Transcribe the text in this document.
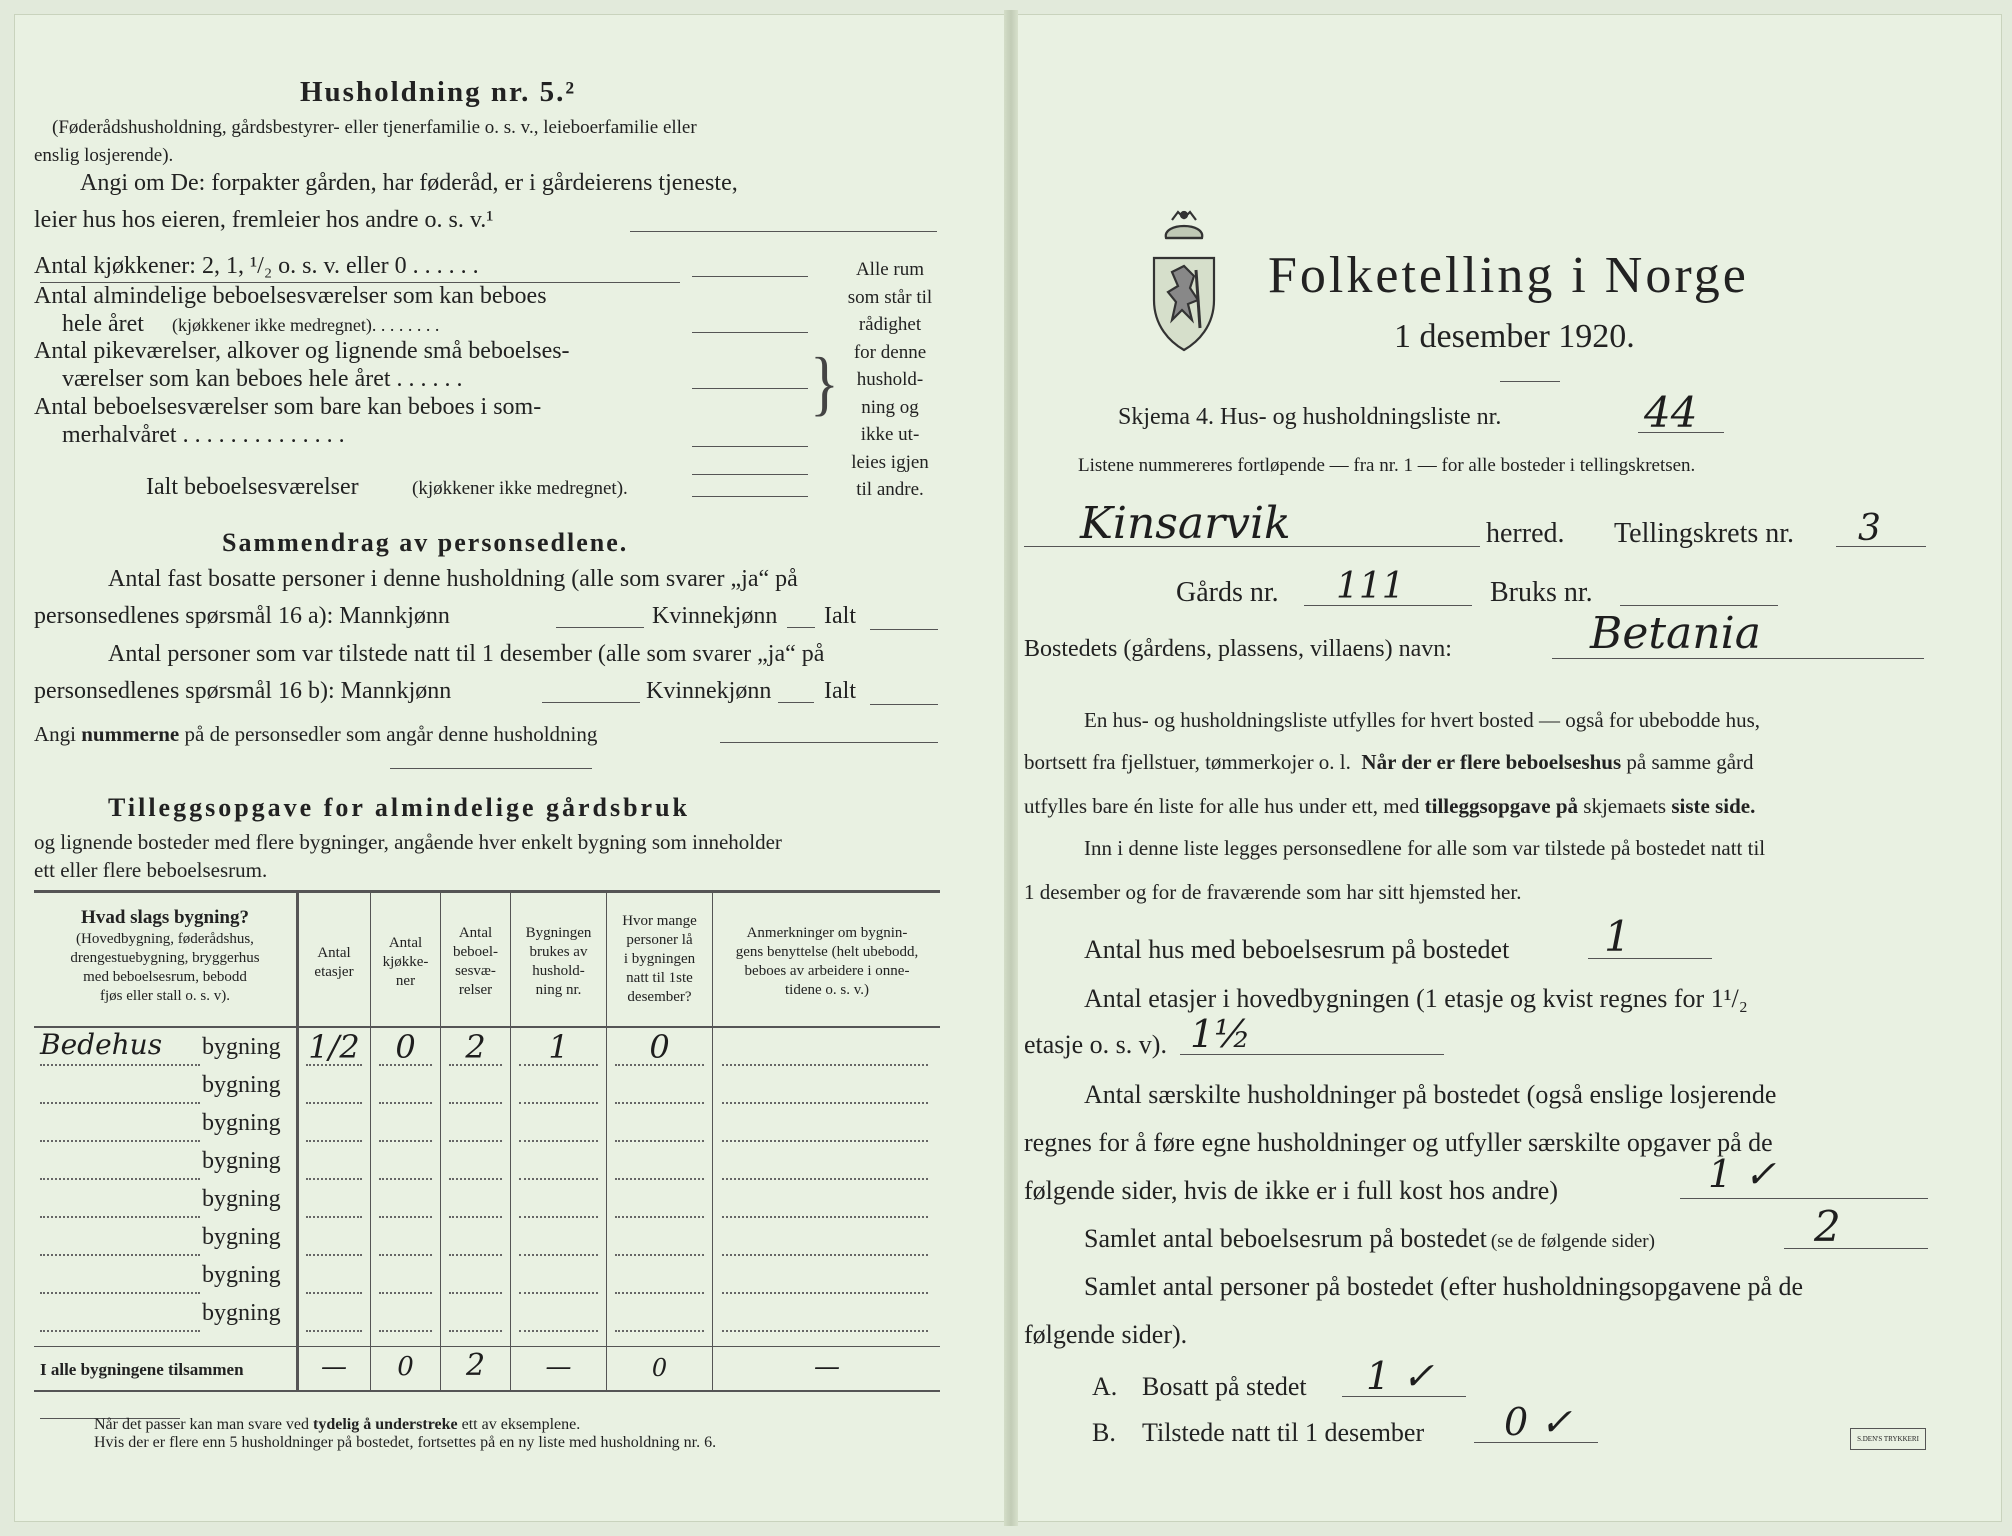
Husholdning nr. 5.²
(Føderådshusholdning, gårdsbestyrer- eller tjenerfamilie o. s. v., leieboerfamilie eller
enslig losjerende).
Angi om De: forpakter gården, har føderåd, er i gårdeierens tjeneste,
leier hus hos eieren, fremleier hos andre o. s. v.¹
Antal kjøkkener: 2, 1, ¹/₂ o. s. v. eller 0 . . . . . .
Antal almindelige beboelsesværelser som kan beboes
hele året (kjøkkener ikke medregnet). . . . . . . .
Antal pikeværelser, alkover og lignende små beboelses-
værelser som kan beboes hele året . . . . . .
Antal beboelsesværelser som bare kan beboes i som-
merhalvåret . . . . . . . . . . . . . .
Ialt beboelsesværelser	(kjøkkener ikke medregnet).
}
Alle rum
som står til
rådighet
for denne
hushold-
ning og
ikke ut-
leies igjen
til andre.
Sammendrag av personsedlene.
Antal fast bosatte personer i denne husholdning (alle som svarer „ja“ på
personsedlenes spørsmål 16 a): Mannkjønn	Kvinnekjønn Ialt
Antal personer som var tilstede natt til 1 desember (alle som svarer „ja“ på
personsedlenes spørsmål 16 b): Mannkjønn	Kvinnekjønn Ialt
Angi nummerne på de personsedler som angår denne husholdning
Tilleggsopgave for almindelige gårdsbruk
og lignende bosteder med flere bygninger, angående hver enkelt bygning som inneholder
ett eller flere beboelsesrum.
Hvad slags bygning?
(Hovedbygning, føderådshus,
drengestuebygning, bryggerhus
med beboelsesrum, bebodd
fjøs eller stall o. s. v).
Antal
etasjer
Antal
kjøkke-
ner
Antal
beboel-
sesvæ-
relser
Bygningen
brukes av
hushold-
ning nr.
Hvor mange
personer lå
i bygningen
natt til 1ste
desember?
Anmerkninger om bygnin-
gens benyttelse (helt ubebodd,
beboes av arbeidere i onne-
tidene o. s. v.)
Bedehus bygning 1/2	0	2	1	0
bygning
bygning
bygning
bygning
bygning
bygning
bygning
I alle bygningene tilsammen	—	0	2	—	0	—
Når det passer kan man svare ved tydelig å understreke ett av eksemplene.
Hvis der er flere enn 5 husholdninger på bostedet, fortsettes på en ny liste med husholdning nr. 6.
Folketelling i Norge
1 desember 1920.
Skjema 4. Hus- og husholdningsliste nr.	44
Listene nummereres fortløpende — fra nr. 1 — for alle bosteder i tellingskretsen.
Kinsarvik	herred. Tellingskrets nr. 3
Gårds nr. 111	Bruks nr.
Bostedets (gårdens, plassens, villaens) navn:	Betania
En hus- og husholdningsliste utfylles for hvert bosted — også for ubebodde hus,
bortsett fra fjellstuer, tømmerkojer o. l. Når der er flere beboelseshus på samme gård
utfylles bare én liste for alle hus under ett, med tilleggsopgave på skjemaets siste side.
Inn i denne liste legges personsedlene for alle som var tilstede på bostedet natt til
1 desember og for de fraværende som har sitt hjemsted her.
Antal hus med beboelsesrum på bostedet 1
Antal etasjer i hovedbygningen (1 etasje og kvist regnes for 1¹/₂
etasje o. s. v). 1½
Antal særskilte husholdninger på bostedet (også enslige losjerende
regnes for å føre egne husholdninger og utfyller særskilte opgaver på de
følgende sider, hvis de ikke er i full kost hos andre)	1 ✓
Samlet antal beboelsesrum på bostedet (se de følgende sider)	2
Samlet antal personer på bostedet (efter husholdningsopgavene på de
følgende sider).
A. Bosatt på stedet 1 ✓
B. Tilstede natt til 1 desember 0 ✓	S.DEN'S TRYKKERI
